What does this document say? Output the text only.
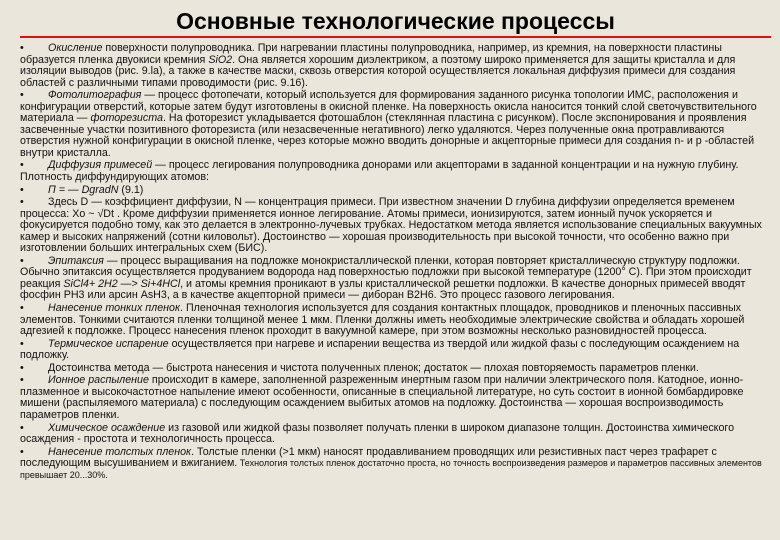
Основные технологические процессы

• Окисление поверхности полупроводника. При нагревании пластины полупроводника, например, из кремния, на поверхности пластины образуется пленка двуокиси кремния SiO2. Она является хорошим диэлектриком, а поэтому широко применяется для защиты кристалла и для изоляции выводов (рис. 9.la), а также в качестве маски, сквозь отверстия которой осуществляется локальная диффузия примеси для создания областей с различными типами проводимости (рис. 9.16).

• Фотолитография — процесс фотопечати, который используется для формирования заданного рисунка топологии ИМС, расположения и конфигурации отверстий, которые затем будут изготовлены в окисной пленке. На поверхность окисла наносится тонкий слой светочувствительного материала — фоторезиста. На фоторезист укладывается фотошаблон (стеклянная пластина с рисунком). После экспонирования и проявления засвеченные участки позитивного фоторезиста (или незасвеченные негативного) легко удаляются. Через полученные окна протравливаются отверстия нужной конфигурации в окисной пленке, через которые можно вводить донорные и акцепторные примеси для создания n- и p -областей внутри кристалла.

• Диффузия примесей — процесс легирования полупроводника донорами или акцепторами в заданной концентрации и на нужную глубину. Плотность диффундирующих атомов:

• П = — DgradN (9.1)

• Здесь D — коэффициент диффузии, N — концентрация примеси. При известном значении D глубина диффузии определяется временем процесса: Xo ~ √Dt . Кроме диффузии применяется ионное легирование. Атомы примеси, ионизируются, затем ионный пучок ускоряется и фокусируется подобно тому, как это делается в электронно-лучевых трубках. Недостатком метода является использование специальных вакуумных камер и высоких напряжений (сотни киловольт). Достоинство — хорошая производительность при высокой точности, что особенно важно при изготовлении больших интегральных схем (БИС).

• Эпитаксия — процесс выращивания на подложке монокристаллической пленки, которая повторяет кристаллическую структуру подложки. Обычно эпитаксия осуществляется продуванием водорода над поверхностью подложки при высокой температуре (1200° С). При этом происходит реакция SiCl4+ 2H2 —> Si+4HCl, и атомы кремния проникают в узлы кристаллической решетки подложки. В качестве донорных примесей вводят фосфин РН3 или арсин AsH3, а в качестве акцепторной примеси — диборан В2Н6. Это процесс газового легирования.

• Нанесение тонких пленок. Пленочная технология используется для создания контактных площадок, проводников и пленочных пассивных элементов. Тонкими считаются пленки толщиной менее 1 мкм. Пленки должны иметь необходимые электрические свойства и обладать хорошей адгезией к подложке. Процесс нанесения пленок проходит в вакуумной камере, при этом возможны несколько разновидностей процесса.

• Термическое испарение осуществляется при нагреве и испарении вещества из твердой или жидкой фазы с последующим осаждением на подложку.

• Достоинства метода — быстрота нанесения и чистота полученных пленок; достаток — плохая повторяемость параметров пленки.

• Ионное распыление происходит в камере, заполненной разреженным инертным газом при наличии электрического поля. Катодное, ионно-плазменное и высокочастотное напыление имеют особенности, описанные в специальной литературе, но суть состоит в ионной бомбардировке мишени (распыляемого материала) с последующим осаждением выбитых атомов на подложку. Достоинства — хорошая воспроизводимость параметров пленки.

• Химическое осаждение из газовой или жидкой фазы позволяет получать пленки в широком диапазоне толщин. Достоинства химического осаждения - простота и технологичность процесса.

• Нанесение толстых пленок. Толстые пленки (>1 мкм) наносят продавливанием проводящих или резистивных паст через трафарет с последующим высушиванием и вжиганием. Технология толстых пленок достаточно проста, но точность воспроизведения размеров и параметров пассивных элементов превышает 20...30%.
